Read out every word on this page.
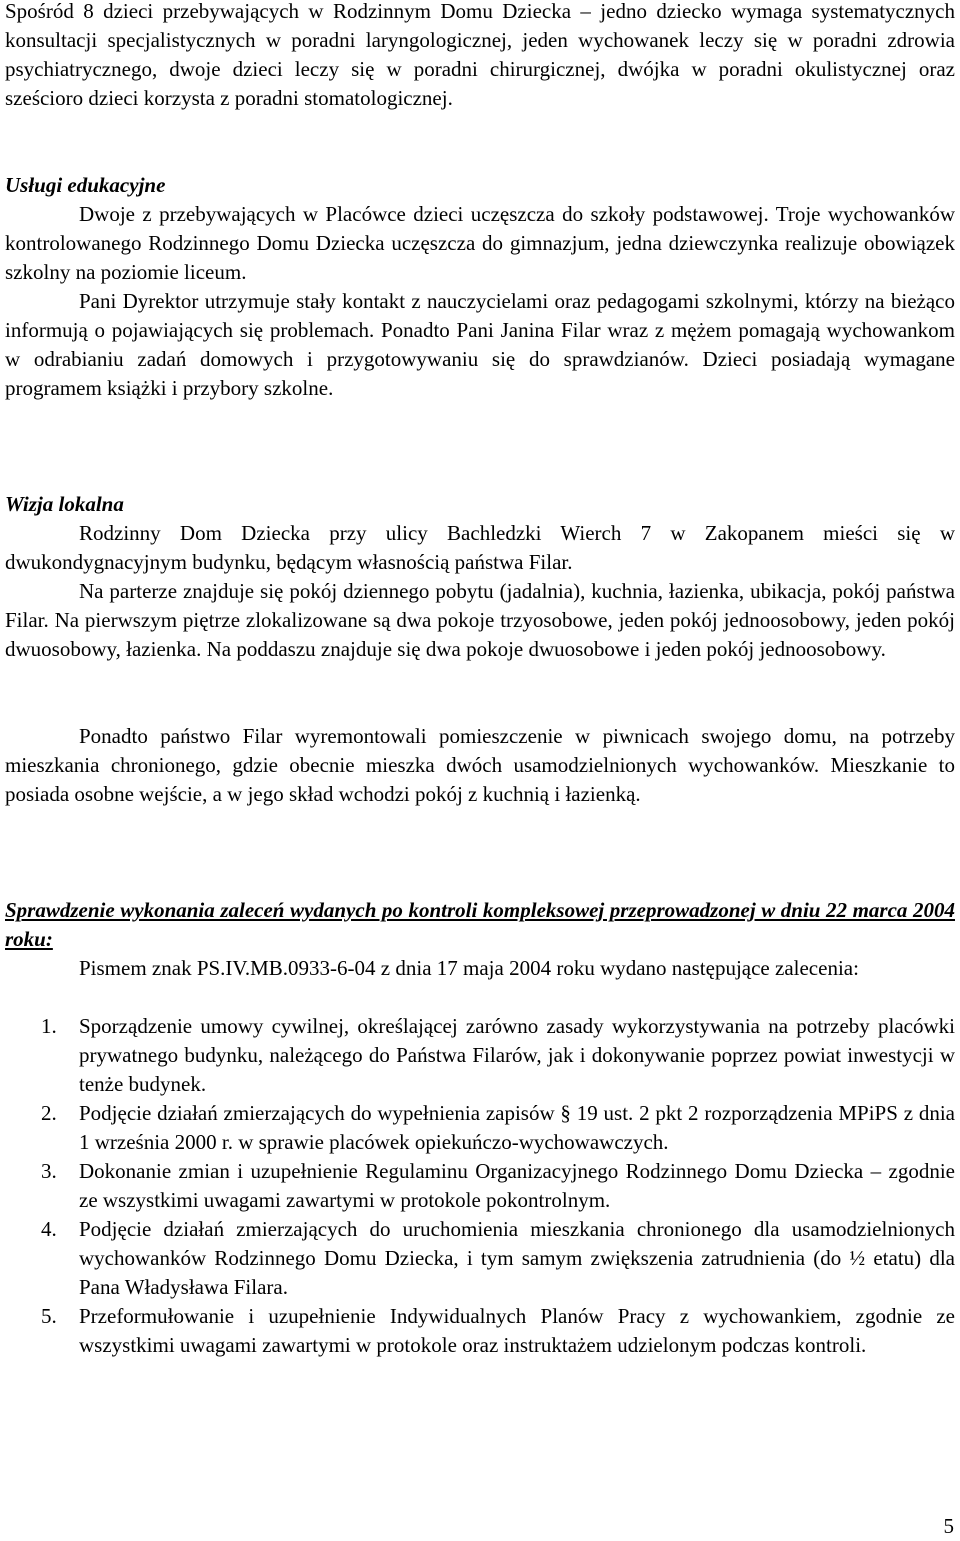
Spośród 8 dzieci przebywających w Rodzinnym Domu Dziecka – jedno dziecko wymaga systematycznych konsultacji specjalistycznych w poradni laryngologicznej, jeden wychowanek leczy się w poradni zdrowia psychiatrycznego, dwoje dzieci leczy się w poradni chirurgicznej, dwójka w poradni okulistycznej oraz sześcioro dzieci korzysta z poradni stomatologicznej.

Usługi edukacyjne

Dwoje z przebywających w Placówce dzieci uczęszcza do szkoły podstawowej. Troje wychowanków kontrolowanego Rodzinnego Domu Dziecka uczęszcza do gimnazjum, jedna dziewczynka realizuje obowiązek szkolny na poziomie liceum.

Pani Dyrektor utrzymuje stały kontakt z nauczycielami oraz pedagogami szkolnymi, którzy na bieżąco informują o pojawiających się problemach. Ponadto Pani Janina Filar wraz z mężem pomagają wychowankom w odrabianiu zadań domowych i przygotowywaniu się do sprawdzianów. Dzieci posiadają wymagane programem książki i przybory szkolne.

Wizja lokalna

Rodzinny Dom Dziecka przy ulicy Bachledzki Wierch 7 w Zakopanem mieści się w dwukondygnacyjnym budynku, będącym własnością państwa Filar.

Na parterze znajduje się pokój dziennego pobytu (jadalnia), kuchnia, łazienka, ubikacja, pokój państwa Filar. Na pierwszym piętrze zlokalizowane są dwa pokoje trzyosobowe, jeden pokój jednoosobowy, jeden pokój dwuosobowy, łazienka. Na poddaszu znajduje się dwa pokoje dwuosobowe i jeden pokój jednoosobowy.

Ponadto państwo Filar wyremontowali pomieszczenie w piwnicach swojego domu, na potrzeby mieszkania chronionego, gdzie obecnie mieszka dwóch usamodzielnionych wychowanków. Mieszkanie to posiada osobne wejście, a w jego skład wchodzi pokój z kuchnią i łazienką.

Sprawdzenie wykonania zaleceń wydanych po kontroli kompleksowej przeprowadzonej w dniu 22 marca 2004 roku:

Pismem znak PS.IV.MB.0933-6-04 z dnia 17 maja 2004 roku wydano następujące zalecenia:

1. Sporządzenie umowy cywilnej, określającej zarówno zasady wykorzystywania na potrzeby placówki prywatnego budynku, należącego do Państwa Filarów, jak i dokonywanie poprzez powiat inwestycji w tenże budynek.
2. Podjęcie działań zmierzających do wypełnienia zapisów § 19 ust. 2 pkt 2 rozporządzenia MPiPS z dnia 1 września 2000 r. w sprawie placówek opiekuńczo-wychowawczych.
3. Dokonanie zmian i uzupełnienie Regulaminu Organizacyjnego Rodzinnego Domu Dziecka – zgodnie ze wszystkimi uwagami zawartymi w protokole pokontrolnym.
4. Podjęcie działań zmierzających do uruchomienia mieszkania chronionego dla usamodzielnionych wychowanków Rodzinnego Domu Dziecka, i tym samym zwiększenia zatrudnienia (do ½ etatu) dla Pana Władysława Filara.
5. Przeformułowanie i uzupełnienie Indywidualnych Planów Pracy z wychowankiem, zgodnie ze wszystkimi uwagami zawartymi w protokole oraz instruktażem udzielonym podczas kontroli.
5
